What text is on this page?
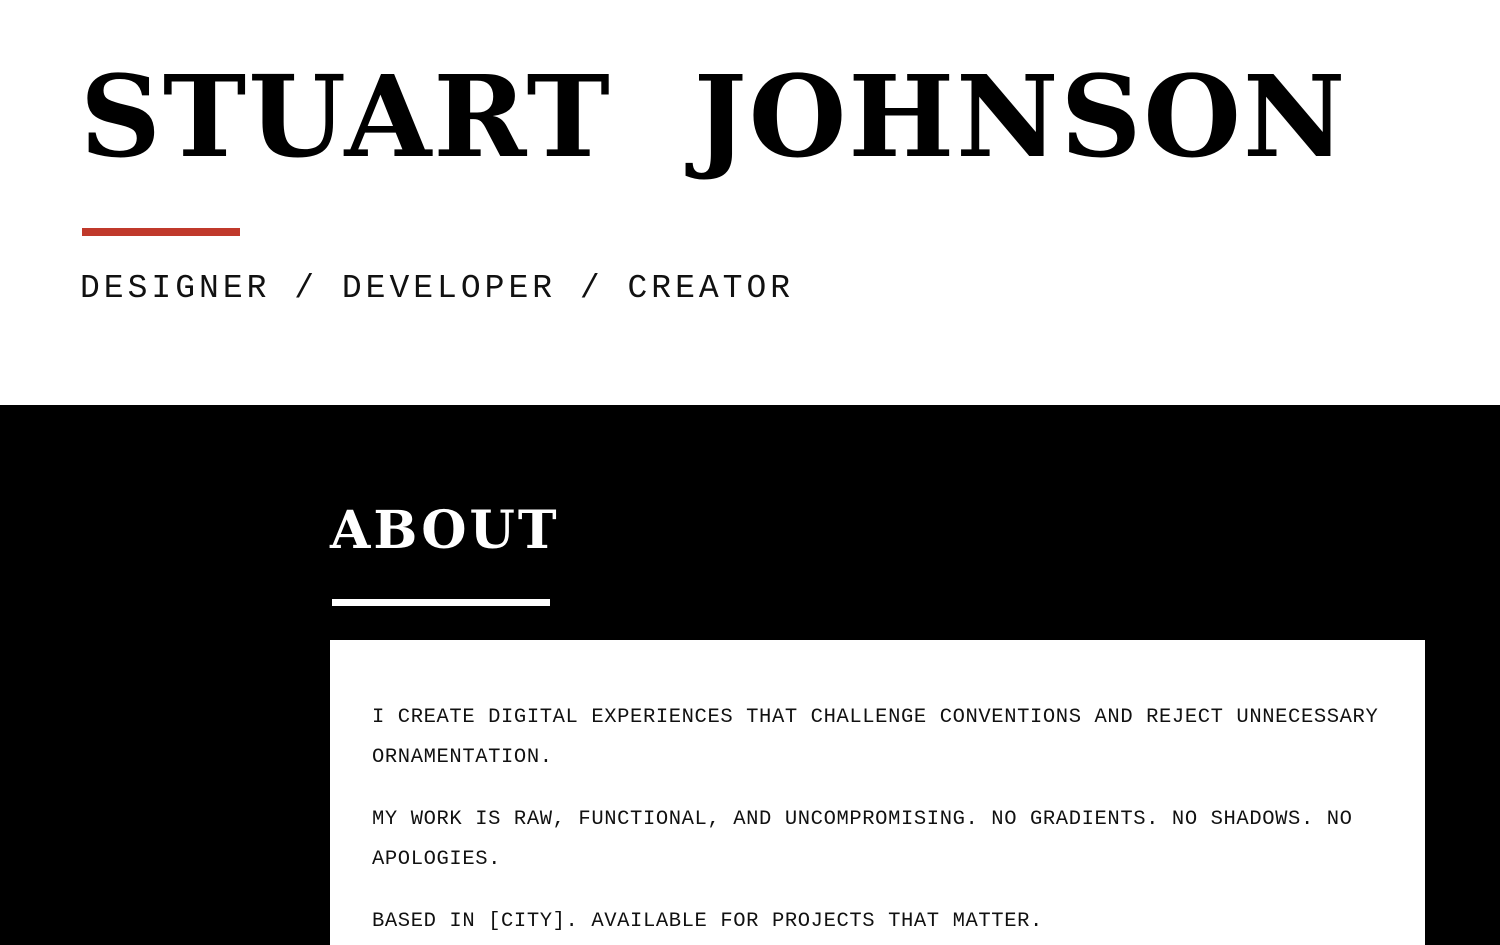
STUART  JOHNSON
DESIGNER / DEVELOPER / CREATOR
ABOUT

I CREATE DIGITAL EXPERIENCES THAT CHALLENGE CONVENTIONS AND REJECT UNNECESSARY ORNAMENTATION.

MY WORK IS RAW, FUNCTIONAL, AND UNCOMPROMISING. NO GRADIENTS. NO SHADOWS. NO APOLOGIES.

BASED IN [CITY]. AVAILABLE FOR PROJECTS THAT MATTER.
